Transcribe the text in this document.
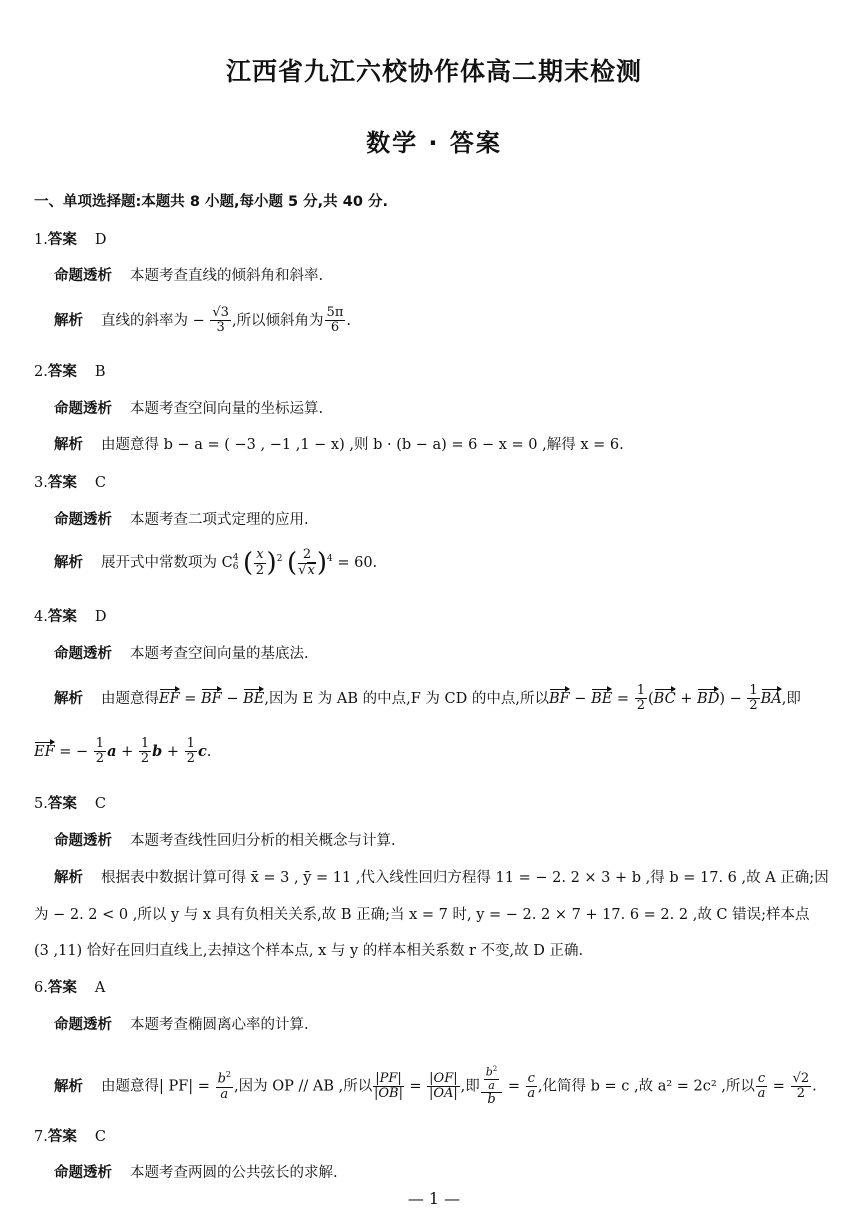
江西省九江六校协作体高二期末检测
数学 · 答案
一、单项选择题:本题共 8 小题,每小题 5 分,共 40 分.
1.答案 D
命题透析 本题考查直线的倾斜角和斜率.
解析 直线的斜率为 − $\frac{√3}{3}$ ,所以倾斜角为 $\frac{5\pi}{6}$ .
2.答案 B
命题透析 本题考查空间向量的坐标运算.
解析 由题意得 b − a = ( −3 , −1 ,1 − x) ,则 b · (b − a) = 6 − x = 0 ,解得 x = 6.
3.答案 C
命题透析 本题考查二项式定理的应用.
解析 展开式中常数项为 C 4
6 ( $\frac{x}{2} )^2$ ( $\frac{2}{√x} )^4 = 60$.
4.答案 D
命题透析 本题考查空间向量的基底法.
解析 由题意得EF = BF − BE,因为 E 为 AB 的中点,F 为 CD 的中点,所以BF − BE = $\frac{1}{2} (BC + BD) - \frac{1}{2}$ BA,即
EF = − $\frac{1}{2}$ $a + \frac{1}{2}$ $b + \frac{1}{2} c$.
5.答案 C
命题透析 本题考查线性回归分析的相关概念与计算.
解析 根据表中数据计算可得 x̄ = 3 , ȳ = 11 ,代入线性回归方程得 11 = − 2. 2 × 3 + b ,得 b = 17. 6 ,故 A 正确;因
为 − 2. 2 < 0 ,所以 y 与 x 具有负相关关系,故 B 正确;当 x = 7 时, y = − 2. 2 × 7 + 17. 6 = 2. 2 ,故 C 错误;样本点
(3 ,11) 恰好在回归直线上,去掉这个样本点, x 与 y 的样本相关系数 r 不变,故 D 正确.
6.答案 A
命题透析 本题考查椭圆离心率的计算.
解析 由题意得| $PF| = \frac{b^2}{a}$ ,因为 OP // AB ,所以 $\frac{|PF|}{|OB|} = \frac{|OF|}{|OA|}$ ,即 $\frac{\frac{b^2}{a}}{b} = \frac{c}{a}$ ,化简得 b = c ,故 a² = 2c² ,所以 $\frac{c}{a} = \frac{√2}{2}$ .
7.答案 C
命题透析 本题考查两圆的公共弦长的求解.
— 1 —
